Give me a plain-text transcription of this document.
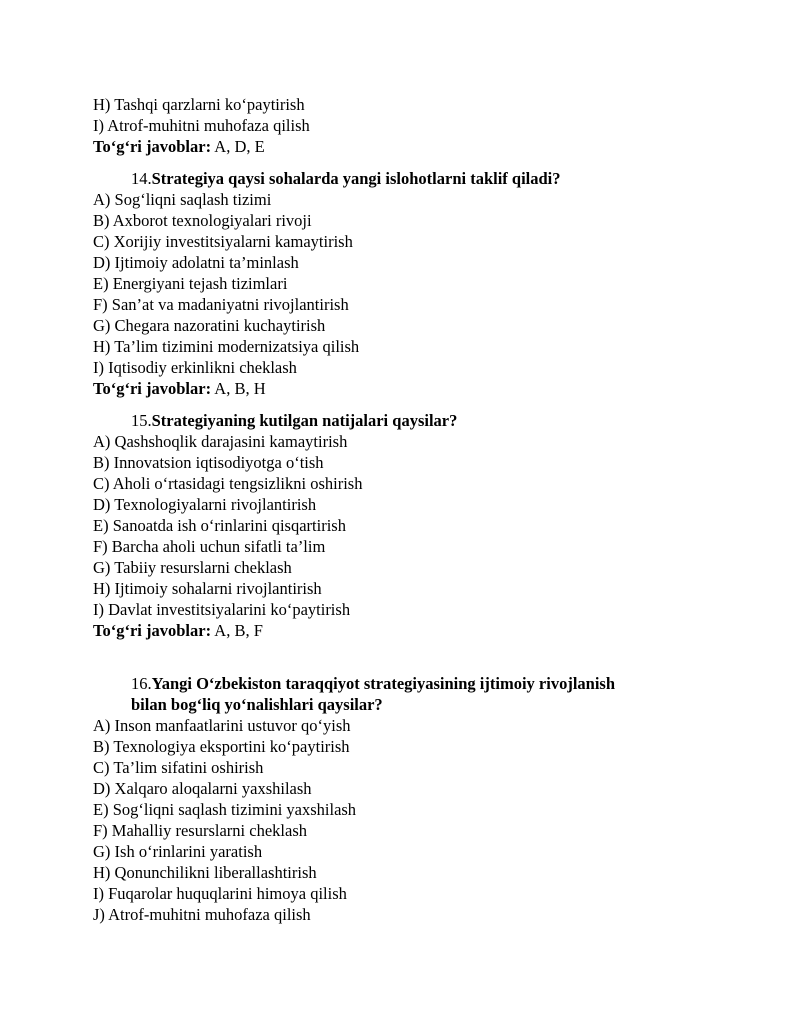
H) Tashqi qarzlarni ko‘paytirish
I) Atrof-muhitni muhofaza qilish
To‘g‘ri javoblar: A, D, E
14.Strategiya qaysi sohalarda yangi islohotlarni taklif qiladi?
A) Sog‘liqni saqlash tizimi
B) Axborot texnologiyalari rivoji
C) Xorijiy investitsiyalarni kamaytirish
D) Ijtimoiy adolatni ta’minlash
E) Energiyani tejash tizimlari
F) San’at va madaniyatni rivojlantirish
G) Chegara nazoratini kuchaytirish
H) Ta’lim tizimini modernizatsiya qilish
I) Iqtisodiy erkinlikni cheklash
To‘g‘ri javoblar: A, B, H
15.Strategiyaning kutilgan natijalari qaysilar?
A) Qashshoqlik darajasini kamaytirish
B) Innovatsion iqtisodiyotga o‘tish
C) Aholi o‘rtasidagi tengsizlikni oshirish
D) Texnologiyalarni rivojlantirish
E) Sanoatda ish o‘rinlarini qisqartirish
F) Barcha aholi uchun sifatli ta’lim
G) Tabiiy resurslarni cheklash
H) Ijtimoiy sohalarni rivojlantirish
I) Davlat investitsiyalarini ko‘paytirish
To‘g‘ri javoblar: A, B, F
16.Yangi O‘zbekiston taraqqiyot strategiyasining ijtimoiy rivojlanish
bilan bog‘liq yo‘nalishlari qaysilar?
A) Inson manfaatlarini ustuvor qo‘yish
B) Texnologiya eksportini ko‘paytirish
C) Ta’lim sifatini oshirish
D) Xalqaro aloqalarni yaxshilash
E) Sog‘liqni saqlash tizimini yaxshilash
F) Mahalliy resurslarni cheklash
G) Ish o‘rinlarini yaratish
H) Qonunchilikni liberallashtirish
I) Fuqarolar huquqlarini himoya qilish
J) Atrof-muhitni muhofaza qilish
